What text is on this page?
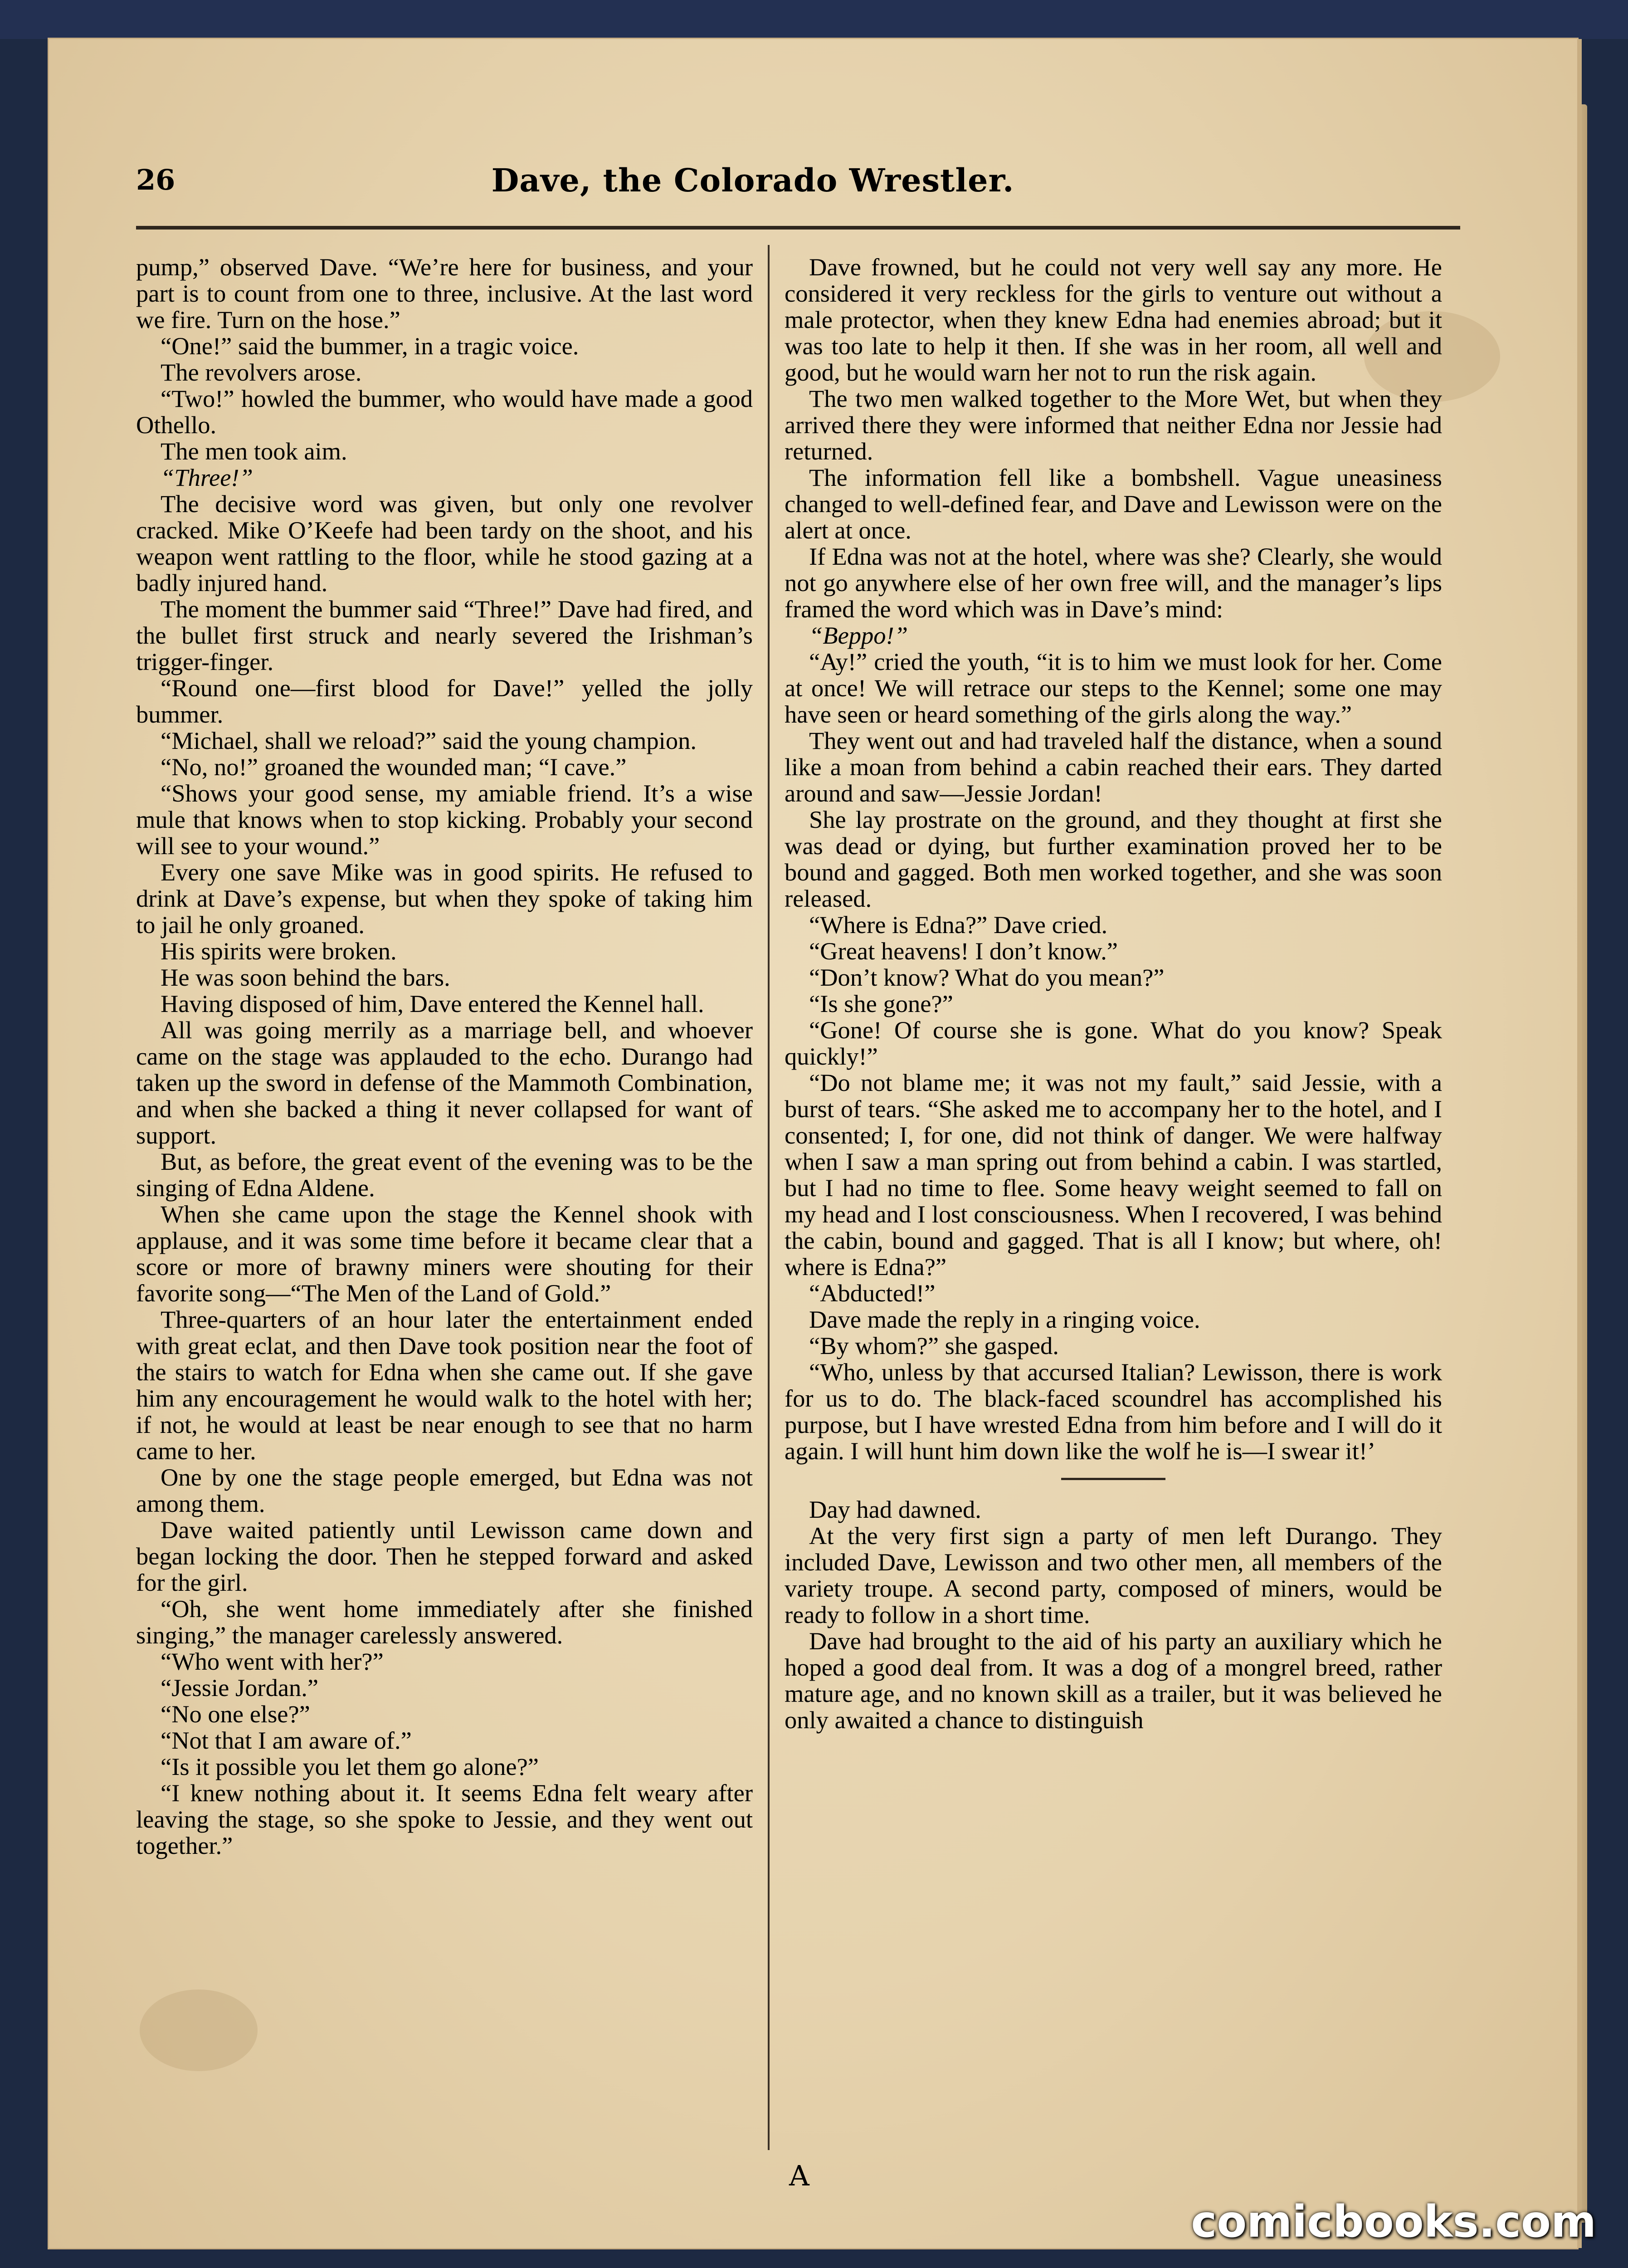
26	Dave, the Colorado Wrestler.

pump,” observed Dave. “We’re here for business, and your part is to count from one to three, inclusive. At the last word we fire. Turn on the hose.”

“One!” said the bummer, in a tragic voice.

The revolvers arose.

“Two!” howled the bummer, who would have made a good Othello.

The men took aim.

“Three!”

The decisive word was given, but only one revolver cracked. Mike O’Keefe had been tardy on the shoot, and his weapon went rattling to the floor, while he stood gazing at a badly injured hand.

The moment the bummer said “Three!” Dave had fired, and the bullet first struck and nearly severed the Irishman’s trigger-finger.

“Round one—first blood for Dave!” yelled the jolly bummer.

“Michael, shall we reload?” said the young champion.

“No, no!” groaned the wounded man; “I cave.”

“Shows your good sense, my amiable friend. It’s a wise mule that knows when to stop kicking. Probably your second will see to your wound.”

Every one save Mike was in good spirits. He refused to drink at Dave’s expense, but when they spoke of taking him to jail he only groaned.

His spirits were broken.

He was soon behind the bars.

Having disposed of him, Dave entered the Kennel hall.

All was going merrily as a marriage bell, and whoever came on the stage was applauded to the echo. Durango had taken up the sword in defense of the Mammoth Combination, and when she backed a thing it never collapsed for want of support.

But, as before, the great event of the evening was to be the singing of Edna Aldene.

When she came upon the stage the Kennel shook with applause, and it was some time before it became clear that a score or more of brawny miners were shouting for their favorite song—“The Men of the Land of Gold.”

Three-quarters of an hour later the entertainment ended with great eclat, and then Dave took position near the foot of the stairs to watch for Edna when she came out. If she gave him any encouragement he would walk to the hotel with her; if not, he would at least be near enough to see that no harm came to her.

One by one the stage people emerged, but Edna was not among them.

Dave waited patiently until Lewisson came down and began locking the door. Then he stepped forward and asked for the girl.

“Oh, she went home immediately after she finished singing,” the manager carelessly answered.

“Who went with her?”

“Jessie Jordan.”

“No one else?”

“Not that I am aware of.”

“Is it possible you let them go alone?”

“I knew nothing about it. It seems Edna felt weary after leaving the stage, so she spoke to Jessie, and they went out together.”

Dave frowned, but he could not very well say any more. He considered it very reckless for the girls to venture out without a male protector, when they knew Edna had enemies abroad; but it was too late to help it then. If she was in her room, all well and good, but he would warn her not to run the risk again.

The two men walked together to the More Wet, but when they arrived there they were informed that neither Edna nor Jessie had returned.

The information fell like a bombshell. Vague uneasiness changed to well-defined fear, and Dave and Lewisson were on the alert at once.

If Edna was not at the hotel, where was she? Clearly, she would not go anywhere else of her own free will, and the manager’s lips framed the word which was in Dave’s mind:

“Beppo!”

“Ay!” cried the youth, “it is to him we must look for her. Come at once! We will retrace our steps to the Kennel; some one may have seen or heard something of the girls along the way.”

They went out and had traveled half the distance, when a sound like a moan from behind a cabin reached their ears. They darted around and saw—Jessie Jordan!

She lay prostrate on the ground, and they thought at first she was dead or dying, but further examination proved her to be bound and gagged. Both men worked together, and she was soon released.

“Where is Edna?” Dave cried.

“Great heavens! I don’t know.”

“Don’t know? What do you mean?”

“Is she gone?”

“Gone! Of course she is gone. What do you know? Speak quickly!”

“Do not blame me; it was not my fault,” said Jessie, with a burst of tears. “She asked me to accompany her to the hotel, and I consented; I, for one, did not think of danger. We were halfway when I saw a man spring out from behind a cabin. I was startled, but I had no time to flee. Some heavy weight seemed to fall on my head and I lost consciousness. When I recovered, I was behind the cabin, bound and gagged. That is all I know; but where, oh! where is Edna?”

“Abducted!”

Dave made the reply in a ringing voice.

“By whom?” she gasped.

“Who, unless by that accursed Italian? Lewisson, there is work for us to do. The black-faced scoundrel has accomplished his purpose, but I have wrested Edna from him before and I will do it again. I will hunt him down like the wolf he is—I swear it!’

Day had dawned.

At the very first sign a party of men left Durango. They included Dave, Lewisson and two other men, all members of the variety troupe. A second party, composed of miners, would be ready to follow in a short time.

Dave had brought to the aid of his party an auxiliary which he hoped a good deal from. It was a dog of a mongrel breed, rather mature age, and no known skill as a trailer, but it was believed he only awaited a chance to distinguish

A
comicbooks.com
